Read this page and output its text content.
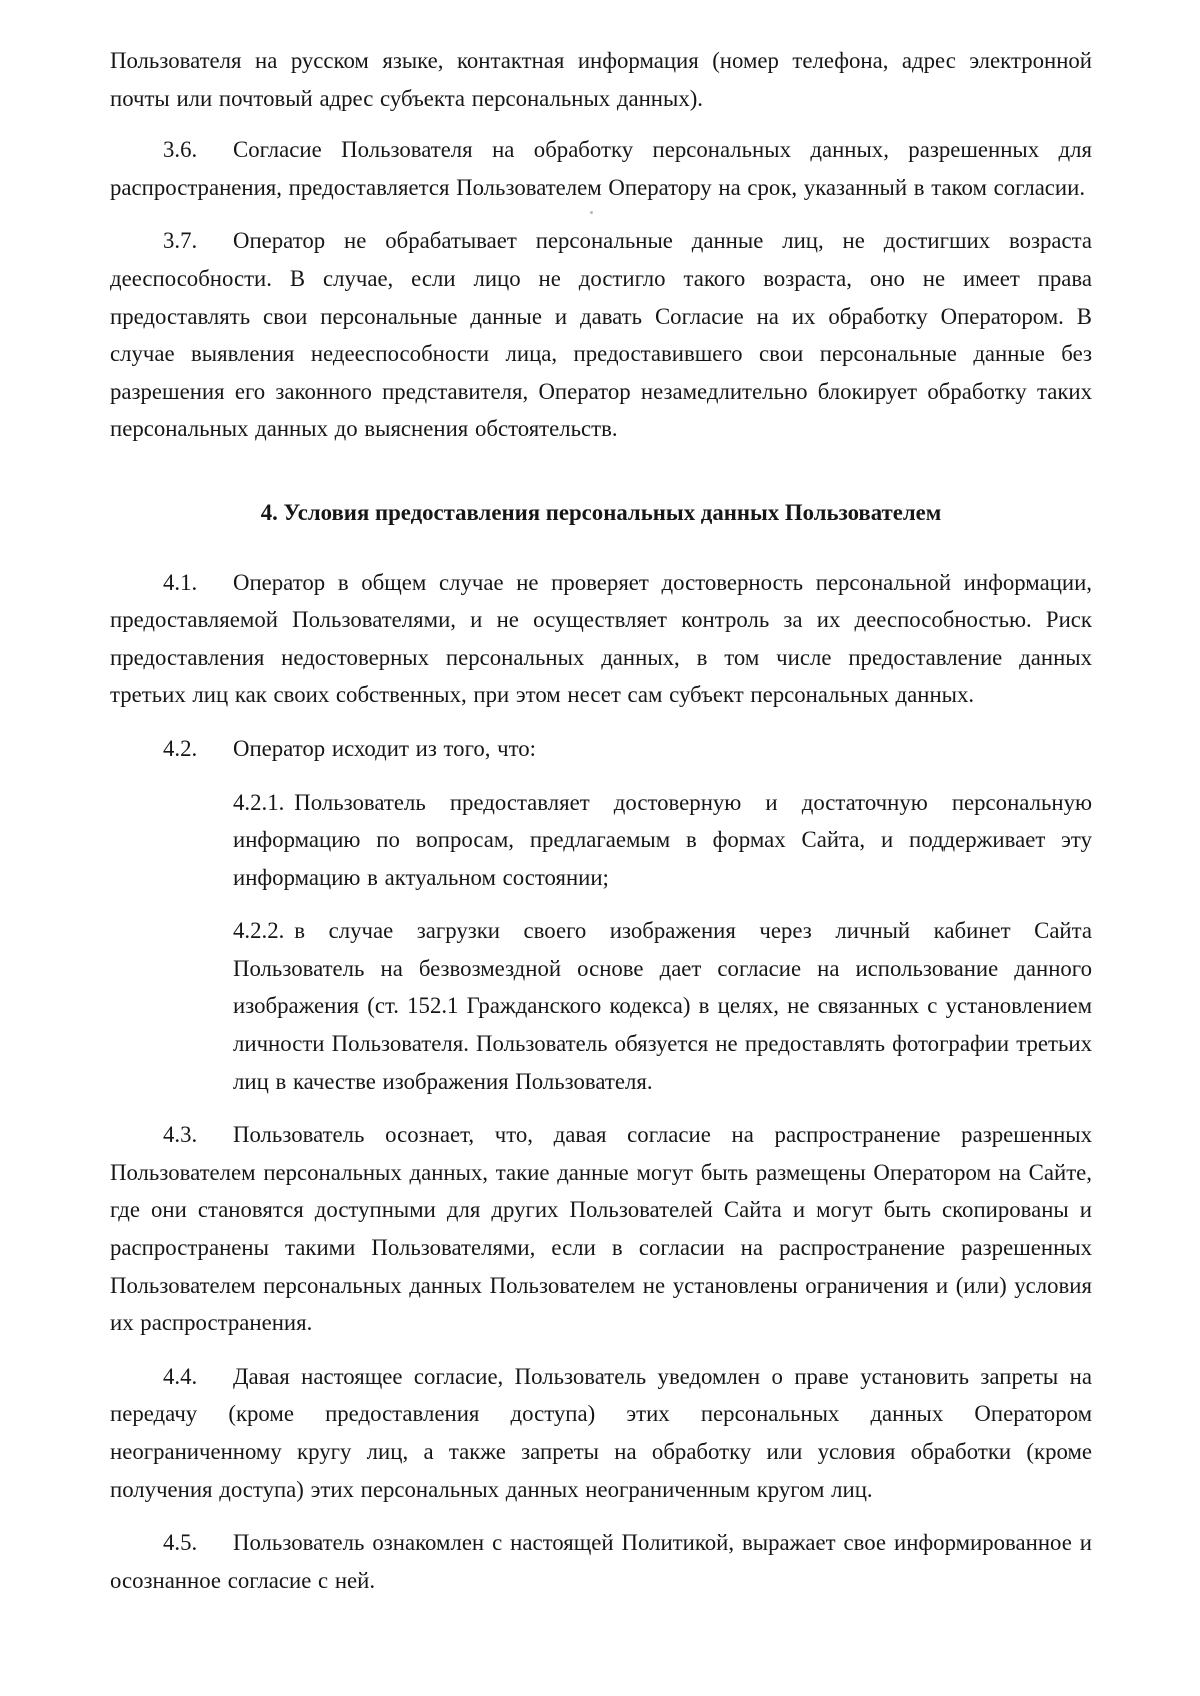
Пользователя на русском языке, контактная информация (номер телефона, адрес электронной почты или почтовый адрес субъекта персональных данных).

3.6. Согласие Пользователя на обработку персональных данных, разрешенных для распространения, предоставляется Пользователем Оператору на срок, указанный в таком согласии.

3.7. Оператор не обрабатывает персональные данные лиц, не достигших возраста дееспособности. В случае, если лицо не достигло такого возраста, оно не имеет права предоставлять свои персональные данные и давать Согласие на их обработку Оператором. В случае выявления недееспособности лица, предоставившего свои персональные данные без разрешения его законного представителя, Оператор незамедлительно блокирует обработку таких персональных данных до выяснения обстоятельств.

4. Условия предоставления персональных данных Пользователем

4.1. Оператор в общем случае не проверяет достоверность персональной информации, предоставляемой Пользователями, и не осуществляет контроль за их дееспособностью. Риск предоставления недостоверных персональных данных, в том числе предоставление данных третьих лиц как своих собственных, при этом несет сам субъект персональных данных.

4.2. Оператор исходит из того, что:

4.2.1. Пользователь предоставляет достоверную и достаточную персональную информацию по вопросам, предлагаемым в формах Сайта, и поддерживает эту информацию в актуальном состоянии;

4.2.2. в случае загрузки своего изображения через личный кабинет Сайта Пользователь на безвозмездной основе дает согласие на использование данного изображения (ст. 152.1 Гражданского кодекса) в целях, не связанных с установлением личности Пользователя. Пользователь обязуется не предоставлять фотографии третьих лиц в качестве изображения Пользователя.

4.3. Пользователь осознает, что, давая согласие на распространение разрешенных Пользователем персональных данных, такие данные могут быть размещены Оператором на Сайте, где они становятся доступными для других Пользователей Сайта и могут быть скопированы и распространены такими Пользователями, если в согласии на распространение разрешенных Пользователем персональных данных Пользователем не установлены ограничения и (или) условия их распространения.

4.4. Давая настоящее согласие, Пользователь уведомлен о праве установить запреты на передачу (кроме предоставления доступа) этих персональных данных Оператором неограниченному кругу лиц, а также запреты на обработку или условия обработки (кроме получения доступа) этих персональных данных неограниченным кругом лиц.

4.5. Пользователь ознакомлен с настоящей Политикой, выражает свое информированное и осознанное согласие с ней.
